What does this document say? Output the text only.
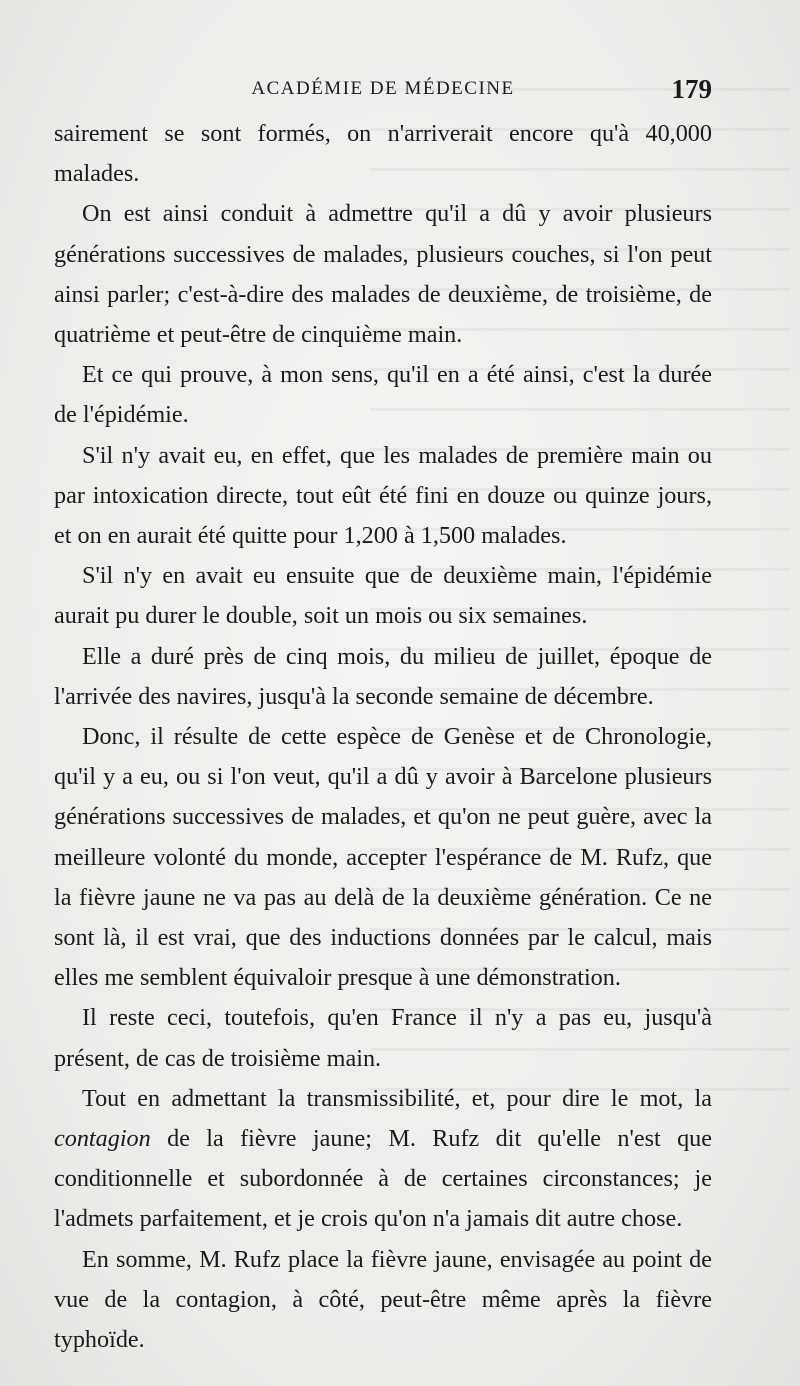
ACADÉMIE DE MÉDECINE	179

sairement se sont formés, on n'arriverait encore qu'à 40,000 malades.

On est ainsi conduit à admettre qu'il a dû y avoir plusieurs générations successives de malades, plusieurs couches, si l'on peut ainsi parler; c'est-à-dire des malades de deuxième, de troisième, de quatrième et peut-être de cinquième main.

Et ce qui prouve, à mon sens, qu'il en a été ainsi, c'est la durée de l'épidémie.

S'il n'y avait eu, en effet, que les malades de première main ou par intoxication directe, tout eût été fini en douze ou quinze jours, et on en aurait été quitte pour 1,200 à 1,500 malades.

S'il n'y en avait eu ensuite que de deuxième main, l'épidémie aurait pu durer le double, soit un mois ou six semaines.

Elle a duré près de cinq mois, du milieu de juillet, époque de l'arrivée des navires, jusqu'à la seconde semaine de décembre.

Donc, il résulte de cette espèce de Genèse et de Chronologie, qu'il y a eu, ou si l'on veut, qu'il a dû y avoir à Barcelone plusieurs générations successives de malades, et qu'on ne peut guère, avec la meilleure volonté du monde, accepter l'espérance de M. Rufz, que la fièvre jaune ne va pas au delà de la deuxième génération. Ce ne sont là, il est vrai, que des inductions données par le calcul, mais elles me semblent équivaloir presque à une démonstration.

Il reste ceci, toutefois, qu'en France il n'y a pas eu, jusqu'à présent, de cas de troisième main.

Tout en admettant la transmissibilité, et, pour dire le mot, la contagion de la fièvre jaune; M. Rufz dit qu'elle n'est que conditionnelle et subordonnée à de certaines circonstances; je l'admets parfaitement, et je crois qu'on n'a jamais dit autre chose.

En somme, M. Rufz place la fièvre jaune, envisagée au point de vue de la contagion, à côté, peut-être même après la fièvre typhoïde.
